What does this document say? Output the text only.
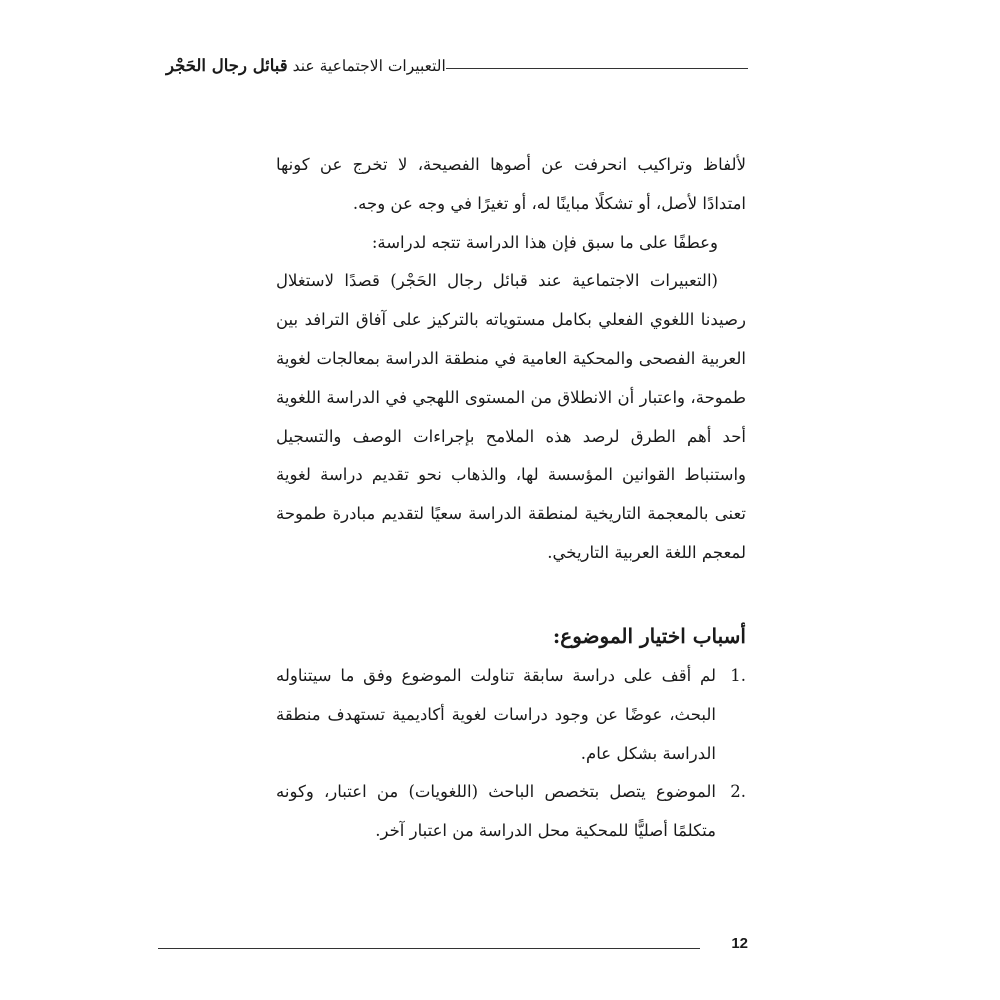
التعبيرات الاجتماعية عند قبائل رجال الحَجْر

لألفاظ وتراكيب انحرفت عن أصوها الفصيحة، لا تخرج عن كونها امتدادًا لأصل، أو تشكلًا مباينًا له، أو تغيرًا في وجه عن وجه.

وعطفًا على ما سبق فإن هذا الدراسة تتجه لدراسة:

(التعبيرات الاجتماعية عند قبائل رجال الحَجْر) قصدًا لاستغلال رصيدنا اللغوي الفعلي بكامل مستوياته بالتركيز على آفاق الترافد بين العربية الفصحى والمحكية العامية في منطقة الدراسة بمعالجات لغوية طموحة، واعتبار أن الانطلاق من المستوى اللهجي في الدراسة اللغوية أحد أهم الطرق لرصد هذه الملامح بإجراءات الوصف والتسجيل واستنباط القوانين المؤسسة لها، والذهاب نحو تقديم دراسة لغوية تعنى بالمعجمة التاريخية لمنطقة الدراسة سعيًا لتقديم مبادرة طموحة لمعجم اللغة العربية التاريخي.

أسباب اختيار الموضوع:
1.
لم أقف على دراسة سابقة تناولت الموضوع وفق ما سيتناوله البحث، عوضًا عن وجود دراسات لغوية أكاديمية تستهدف منطقة الدراسة بشكل عام.
2.
الموضوع يتصل بتخصص الباحث (اللغويات) من اعتبار، وكونه متكلمًا أصليًّا للمحكية محل الدراسة من اعتبار آخر.
12
